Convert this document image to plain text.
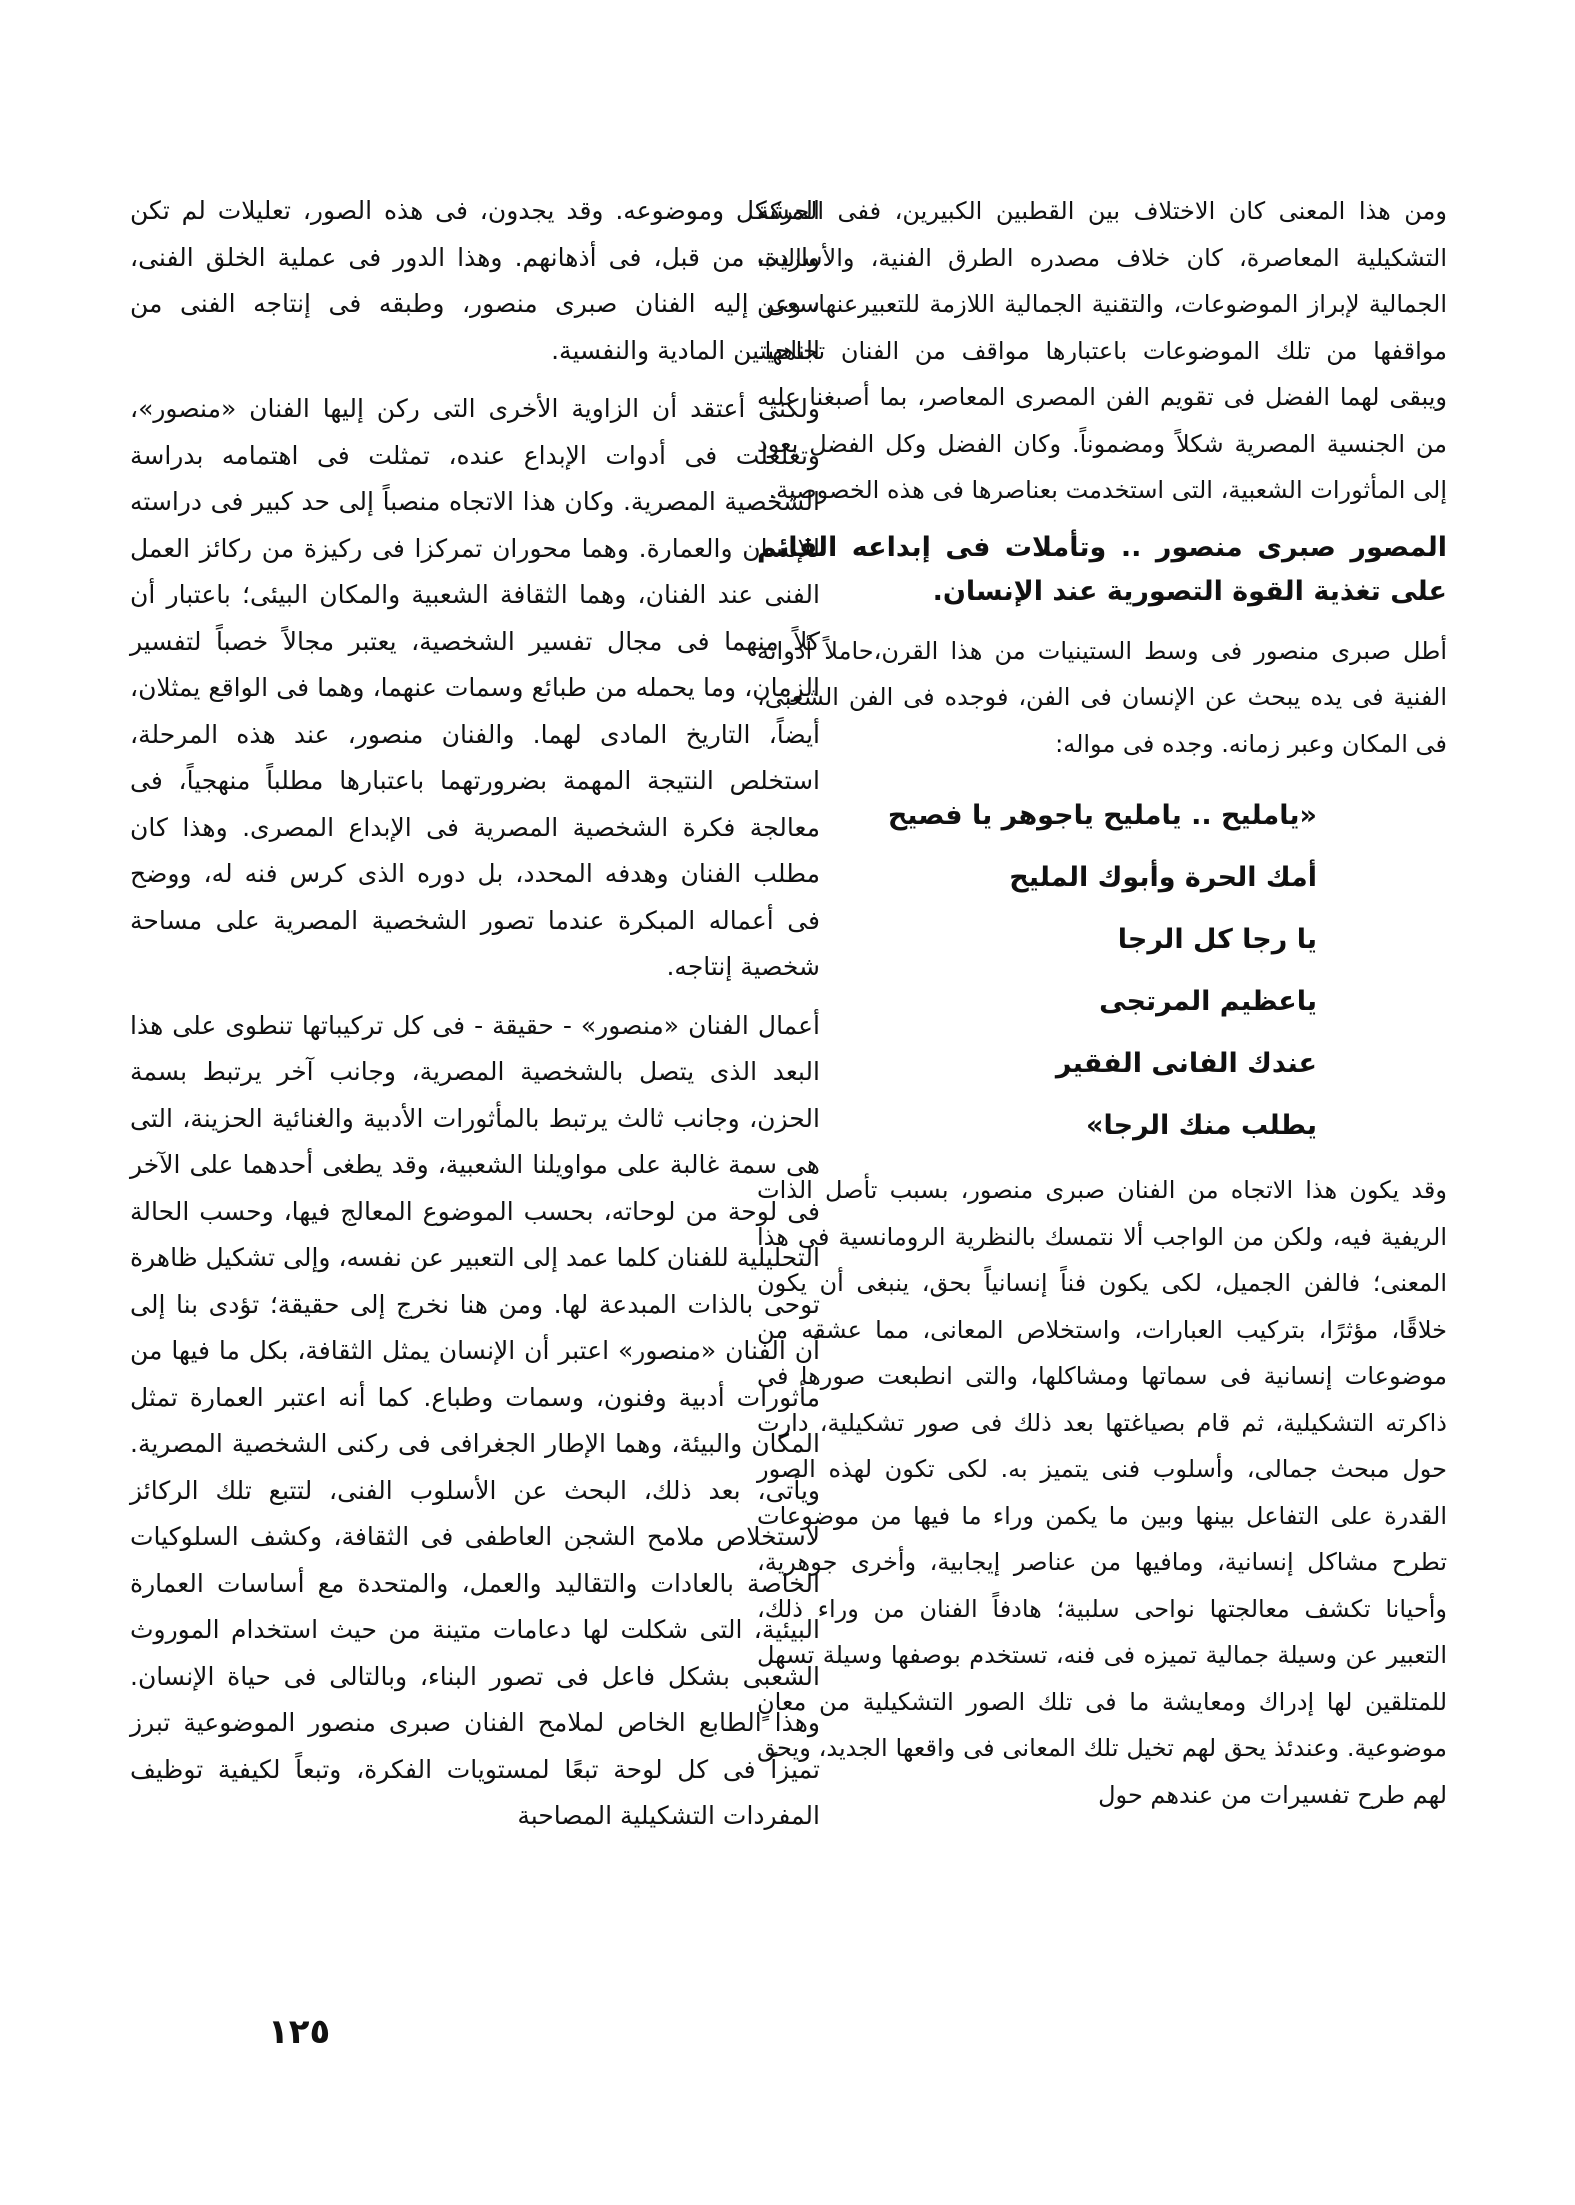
ومن هذا المعنى كان الاختلاف بين القطبين الكبيرين، ففى الحركة التشكيلية المعاصرة، كان خلاف مصدره الطرق الفنية، والأساليب الجمالية لإبراز الموضوعات، والتقنية الجمالية اللازمة للتعبيرعنها، وعن مواقفها من تلك الموضوعات باعتبارها مواقف من الفنان تجاهها. ويبقى لهما الفضل فى تقويم الفن المصرى المعاصر، بما أصبغنا عليه من الجنسية المصرية شكلاً ومضموناً. وكان الفضل وكل الفضل يعود إلى المأثورات الشعبية، التى استخدمت بعناصرها فى هذه الخصوصية.

المصور صبرى منصور .. وتأملات فى إبداعه القائم على تغذية القوة التصورية عند الإنسان.

أطل صبرى منصور فى وسط الستينيات من هذا القرن،حاملاً أدواته الفنية فى يده يبحث عن الإنسان فى الفن، فوجده فى الفن الشعبى، فى المكان وعبر زمانه. وجده فى مواله:

«يامليح .. يامليح ياجوهر يا فصيح
أمك الحرة وأبوك المليح
يا رجا كل الرجا
ياعظيم المرتجى
عندك الفانى الفقير
يطلب منك الرجا»

وقد يكون هذا الاتجاه من الفنان صبرى منصور، بسبب تأصل الذات الريفية فيه، ولكن من الواجب ألا نتمسك بالنظرية الرومانسية فى هذا المعنى؛ فالفن الجميل، لكى يكون فناً إنسانياً بحق، ينبغى أن يكون خلاقًا، مؤثرًا، بتركيب العبارات، واستخلاص المعانى، مما عشقه من موضوعات إنسانية فى سماتها ومشاكلها، والتى انطبعت صورها فى ذاكرته التشكيلية، ثم قام بصياغتها بعد ذلك فى صور تشكيلية، دارت حول مبحث جمالى، وأسلوب فنى يتميز به. لكى تكون لهذه الصور القدرة على التفاعل بينها وبين ما يكمن وراء ما فيها من موضوعات تطرح مشاكل إنسانية، ومافيها من عناصر إيجابية، وأخرى جوهرية، وأحيانا تكشف معالجتها نواحى سلبية؛ هادفاً الفنان من وراء ذلك، التعبير عن وسيلة جمالية تميزه فى فنه، تستخدم بوصفها وسيلة تسهل للمتلقين لها إدراك ومعايشة ما فى تلك الصور التشكيلية من معانٍ موضوعية. وعندئذ يحق لهم تخيل تلك المعانى فى واقعها الجديد، ويحق لهم طرح تفسيرات من عندهم حول

المشكل وموضوعه. وقد يجدون، فى هذه الصور، تعليلات لم تكن واردة، من قبل، فى أذهانهم. وهذا الدور فى عملية الخلق الفنى، سعى إليه الفنان صبرى منصور، وطبقه فى إنتاجه الفنى من الناحيتين المادية والنفسية.

ولكنى أعتقد أن الزاوية الأخرى التى ركن إليها الفنان «منصور»، وتغلغلت فى أدوات الإبداع عنده، تمثلت فى اهتمامه بدراسة الشخصية المصرية. وكان هذا الاتجاه منصباً إلى حد كبير فى دراسته للإنسان والعمارة. وهما محوران تمركزا فى ركيزة من ركائز العمل الفنى عند الفنان، وهما الثقافة الشعبية والمكان البيئى؛ باعتبار أن كلاً منهما فى مجال تفسير الشخصية، يعتبر مجالاً خصباً لتفسير الزمان، وما يحمله من طبائع وسمات عنهما، وهما فى الواقع يمثلان، أيضاً، التاريخ المادى لهما. والفنان منصور، عند هذه المرحلة، استخلص النتيجة المهمة بضرورتهما باعتبارها مطلباً منهجياً، فى معالجة فكرة الشخصية المصرية فى الإبداع المصرى. وهذا كان مطلب الفنان وهدفه المحدد، بل دوره الذى كرس فنه له، ووضح فى أعماله المبكرة عندما تصور الشخصية المصرية على مساحة شخصية إنتاجه.

أعمال الفنان «منصور» - حقيقة - فى كل تركيباتها تنطوى على هذا البعد الذى يتصل بالشخصية المصرية، وجانب آخر يرتبط بسمة الحزن، وجانب ثالث يرتبط بالمأثورات الأدبية والغنائية الحزينة، التى هى سمة غالبة على مواويلنا الشعبية، وقد يطغى أحدهما على الآخر فى لوحة من لوحاته، بحسب الموضوع المعالج فيها، وحسب الحالة التحليلية للفنان كلما عمد إلى التعبير عن نفسه، وإلى تشكيل ظاهرة توحى بالذات المبدعة لها. ومن هنا نخرج إلى حقيقة؛ تؤدى بنا إلى أن الفنان «منصور» اعتبر أن الإنسان يمثل الثقافة، بكل ما فيها من مأثورات أدبية وفنون، وسمات وطباع. كما أنه اعتبر العمارة تمثل المكان والبيئة، وهما الإطار الجغرافى فى ركنى الشخصية المصرية. ويأتى، بعد ذلك، البحث عن الأسلوب الفنى، لتتبع تلك الركائز لاستخلاص ملامح الشجن العاطفى فى الثقافة، وكشف السلوكيات الخاصة بالعادات والتقاليد والعمل، والمتحدة مع أساسات العمارة البيئية، التى شكلت لها دعامات متينة من حيث استخدام الموروث الشعبى بشكل فاعل فى تصور البناء، وبالتالى فى حياة الإنسان. وهذا الطابع الخاص لملامح الفنان صبرى منصور الموضوعية تبرز تميزاً فى كل لوحة تبعًا لمستويات الفكرة، وتبعاً لكيفية توظيف المفردات التشكيلية المصاحبة

١٢٥
